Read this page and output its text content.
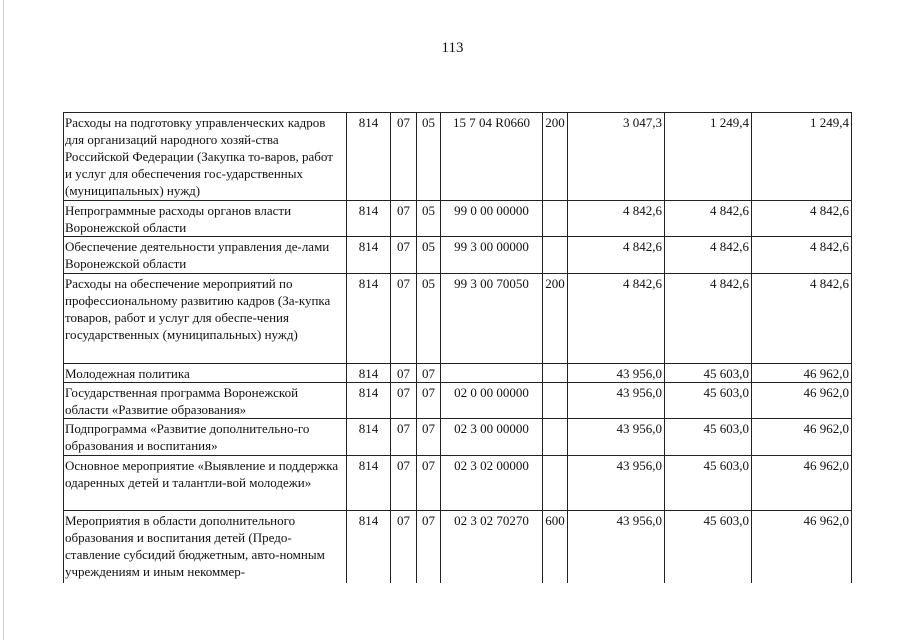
113
Расходы на подготовку управленческих кадров для организаций народного хозяй-ства Российской Федерации (Закупка то-варов, работ и услуг для обеспечения гос-ударственных (муниципальных) нужд)	814	07	05	15 7 04 R0660	200	3 047,3	1 249,4	1 249,4
Непрограммные расходы органов власти Воронежской области	814	07	05	99 0 00 00000		4 842,6	4 842,6	4 842,6
Обеспечение деятельности управления де-лами Воронежской области	814	07	05	99 3 00 00000		4 842,6	4 842,6	4 842,6
Расходы на обеспечение мероприятий по профессиональному развитию кадров (За-купка товаров, работ и услуг для обеспе-чения государственных (муниципальных) нужд)	814	07	05	99 3 00 70050	200	4 842,6	4 842,6	4 842,6
Молодежная политика	814	07	07			43 956,0	45 603,0	46 962,0
Государственная программа Воронежской области «Развитие образования»	814	07	07	02 0 00 00000		43 956,0	45 603,0	46 962,0
Подпрограмма «Развитие дополнительно-го образования и воспитания»	814	07	07	02 3 00 00000		43 956,0	45 603,0	46 962,0
Основное мероприятие «Выявление и поддержка одаренных детей и талантли-вой молодежи»	814	07	07	02 3 02 00000		43 956,0	45 603,0	46 962,0
Мероприятия в области дополнительного образования и воспитания детей (Предо-ставление субсидий бюджетным, авто-номным учреждениям и иным некоммер-	814	07	07	02 3 02 70270	600	43 956,0	45 603,0	46 962,0
